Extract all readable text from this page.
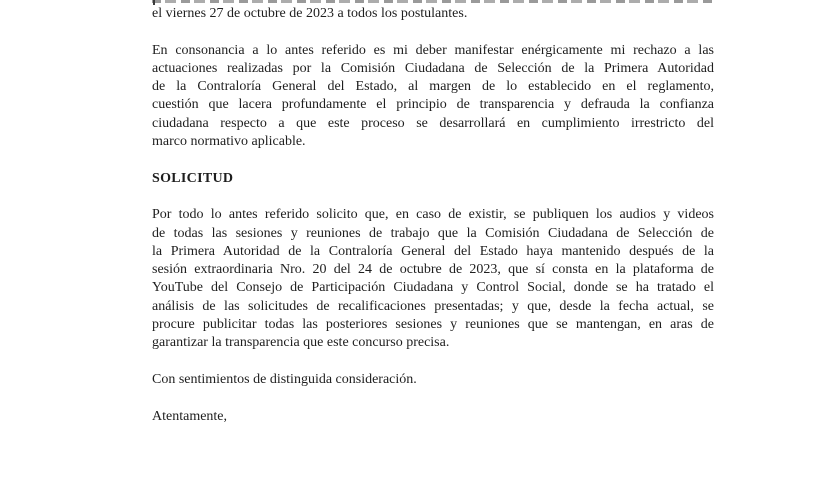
el viernes 27 de octubre de 2023 a todos los postulantes.
En consonancia a lo antes referido es mi deber manifestar enérgicamente mi rechazo a las
actuaciones realizadas por la Comisión Ciudadana de Selección de la Primera Autoridad
de la Contraloría General del Estado, al margen de lo establecido en el reglamento,
cuestión que lacera profundamente el principio de transparencia y defrauda la confianza
ciudadana respecto a que este proceso se desarrollará en cumplimiento irrestricto del
marco normativo aplicable.
SOLICITUD
Por todo lo antes referido solicito que, en caso de existir, se publiquen los audios y videos
de todas las sesiones y reuniones de trabajo que la Comisión Ciudadana de Selección de
la Primera Autoridad de la Contraloría General del Estado haya mantenido después de la
sesión extraordinaria Nro. 20 del 24 de octubre de 2023, que sí consta en la plataforma de
YouTube del Consejo de Participación Ciudadana y Control Social, donde se ha tratado el
análisis de las solicitudes de recalificaciones presentadas; y que, desde la fecha actual, se
procure publicitar todas las posteriores sesiones y reuniones que se mantengan, en aras de
garantizar la transparencia que este concurso precisa.
Con sentimientos de distinguida consideración.
Atentamente,
